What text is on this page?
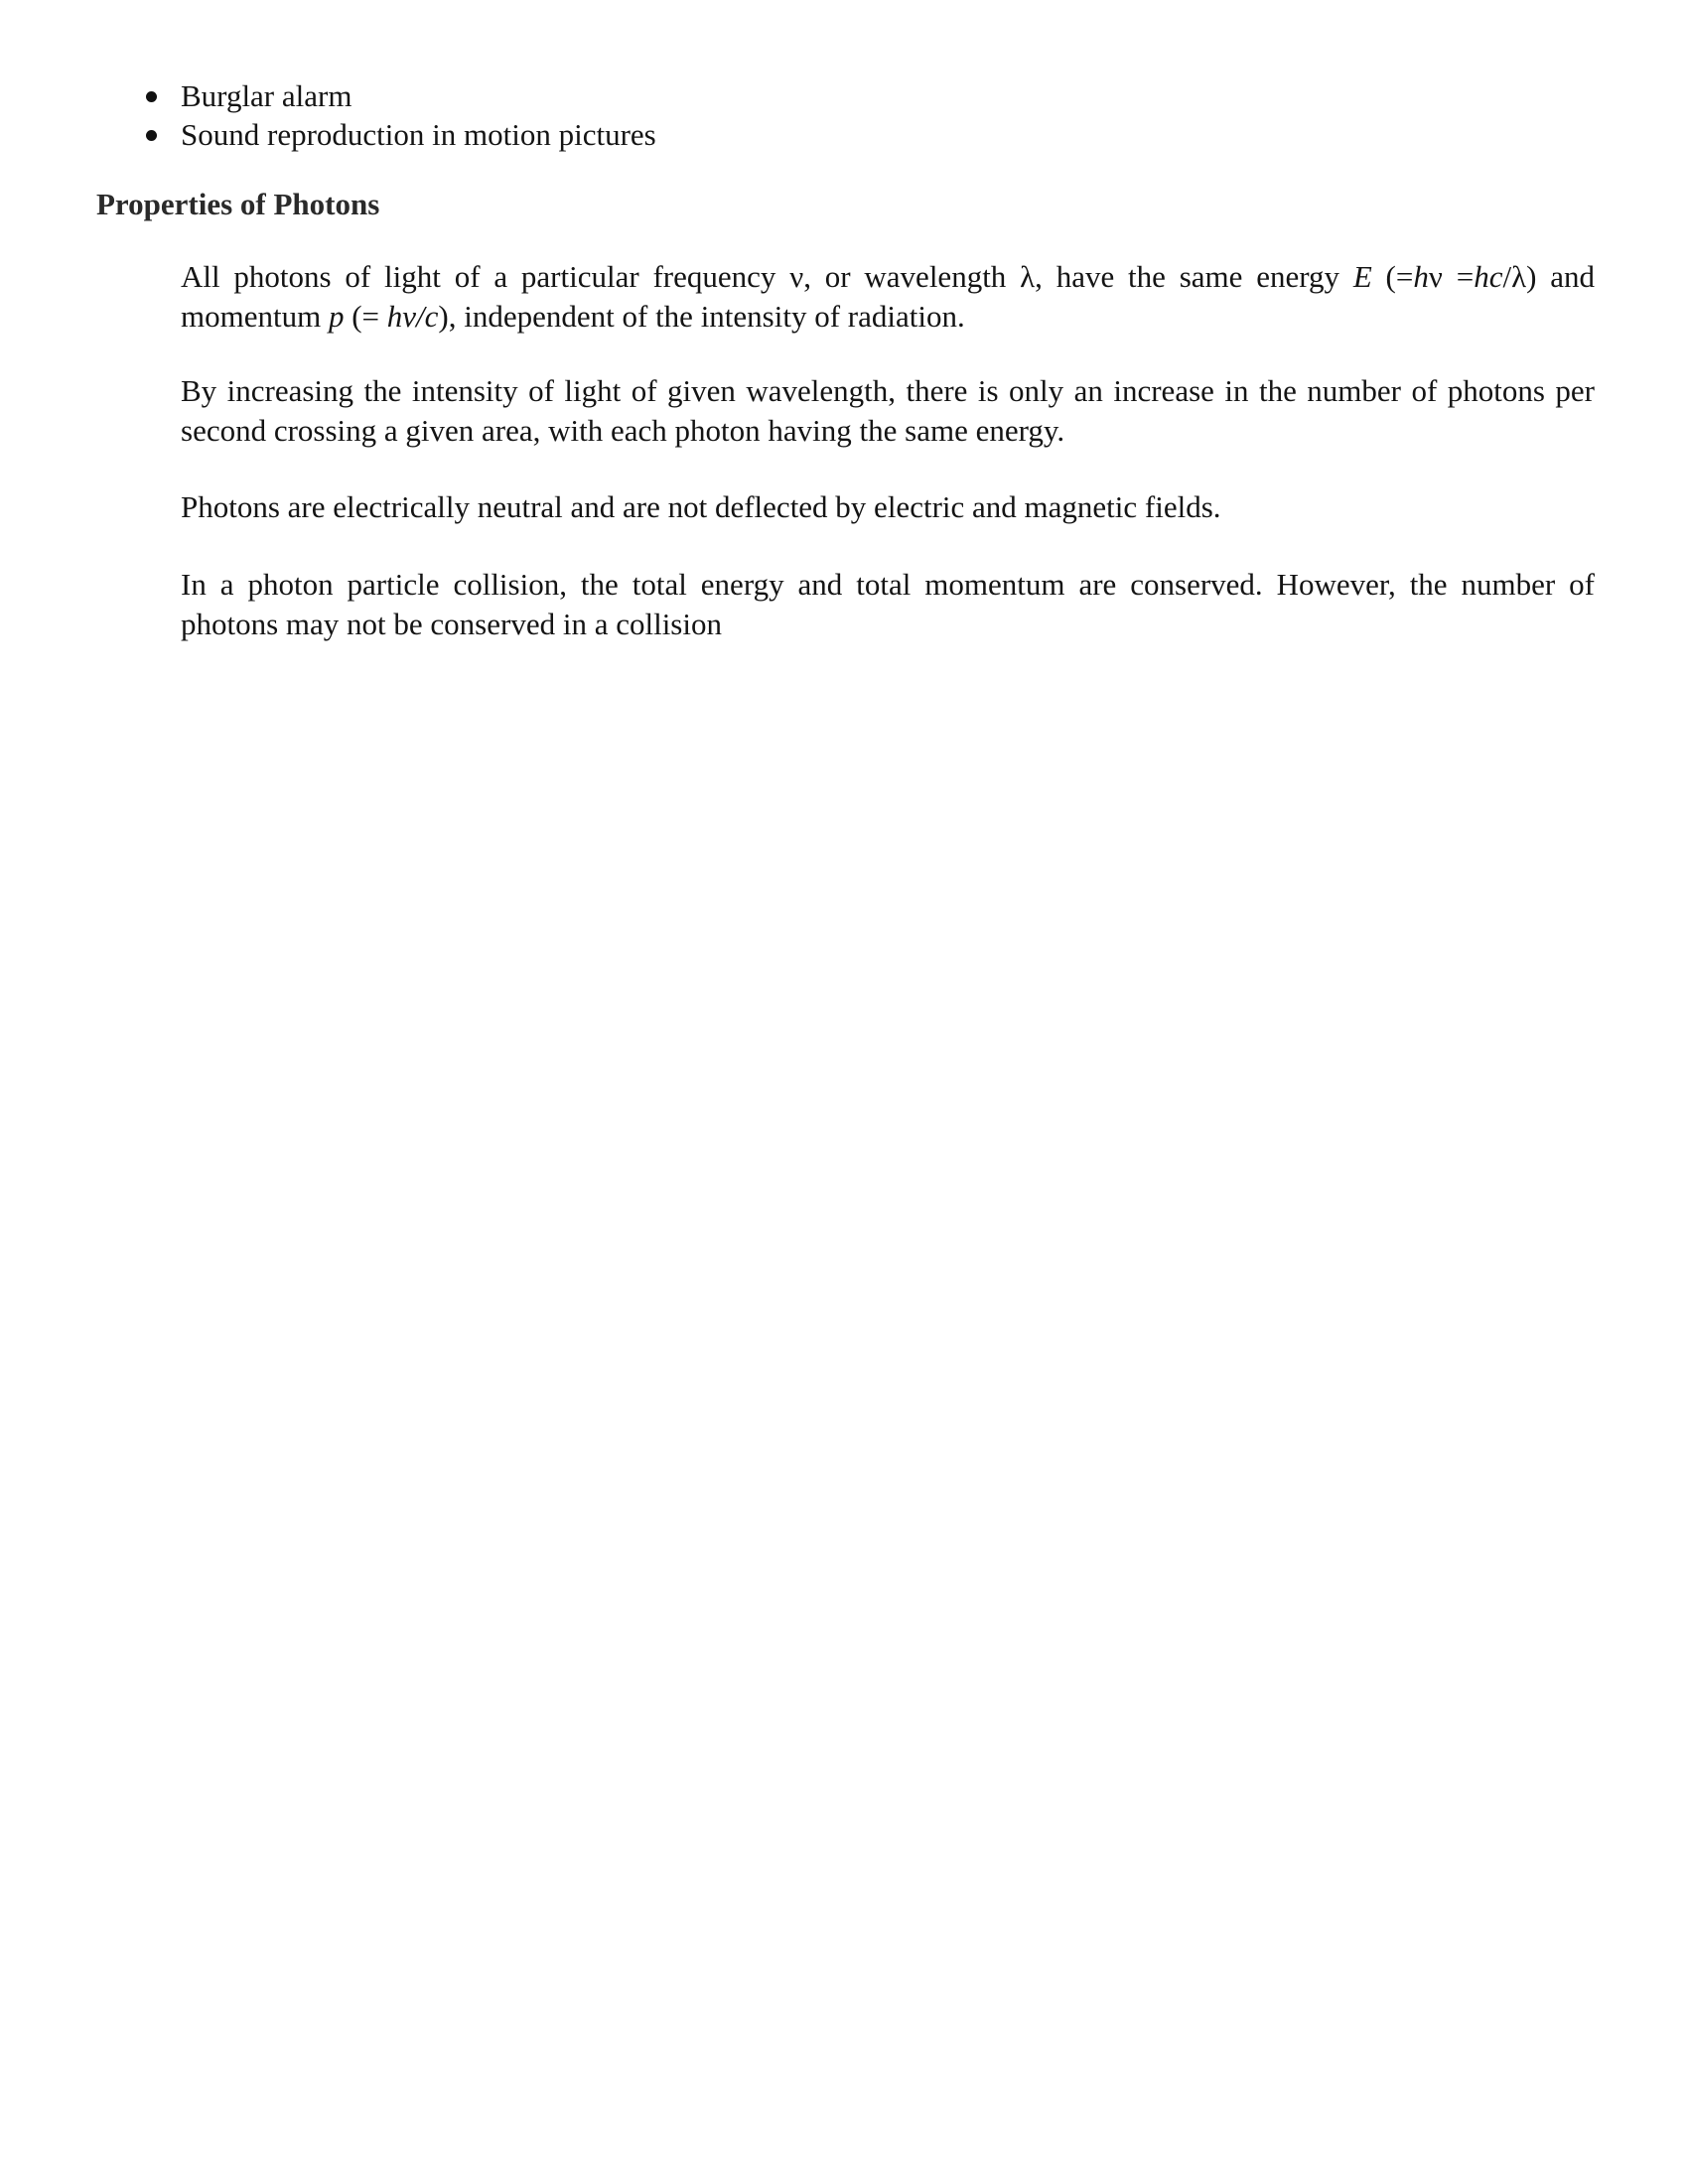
Burglar alarm
Sound reproduction in motion pictures
Properties of Photons

All photons of light of a particular frequency ν, or wavelength λ, have the same energy E (=hν =hc/λ) and momentum p (= hν/c), independent of the intensity of radiation.

By increasing the intensity of light of given wavelength, there is only an increase in the number of photons per second crossing a given area, with each photon having the same energy.

Photons are electrically neutral and are not deflected by electric and magnetic fields.

In a photon particle collision, the total energy and total momentum are conserved. However, the number of photons may not be conserved in a collision
